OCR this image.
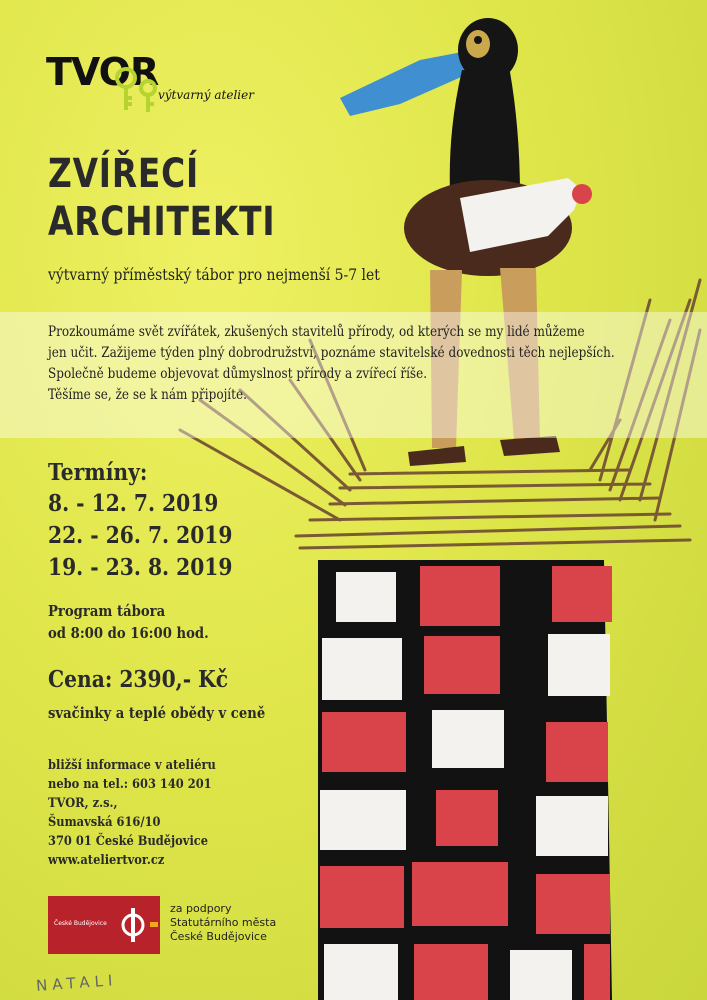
TVOR
výtvarný atelier
ZVÍŘECÍ
ARCHITEKTI
výtvarný příměstský tábor pro nejmenší 5-7 let
Prozkoumáme svět zvířátek, zkušených stavitelů přírody, od kterých se my lidé můžeme
jen učit. Zažijeme týden plný dobrodružství, poznáme stavitelské dovednosti těch nejlepších.
Společně budeme objevovat důmyslnost přírody a zvířecí říše.
Těšíme se, že se k nám připojíte.
Termíny:
8. - 12. 7. 2019
22. - 26. 7. 2019
19. - 23. 8. 2019
Program tábora
od 8:00 do 16:00 hod.
Cena: 2390,- Kč
svačinky a teplé obědy v ceně
bližší informace v ateliéru
nebo na tel.: 603 140 201
TVOR, z.s.,
Šumavská 616/10
370 01 České Budějovice
www.ateliertvor.cz
České Budějovice
za podpory
Statutárního města
České Budějovice
NATALI
